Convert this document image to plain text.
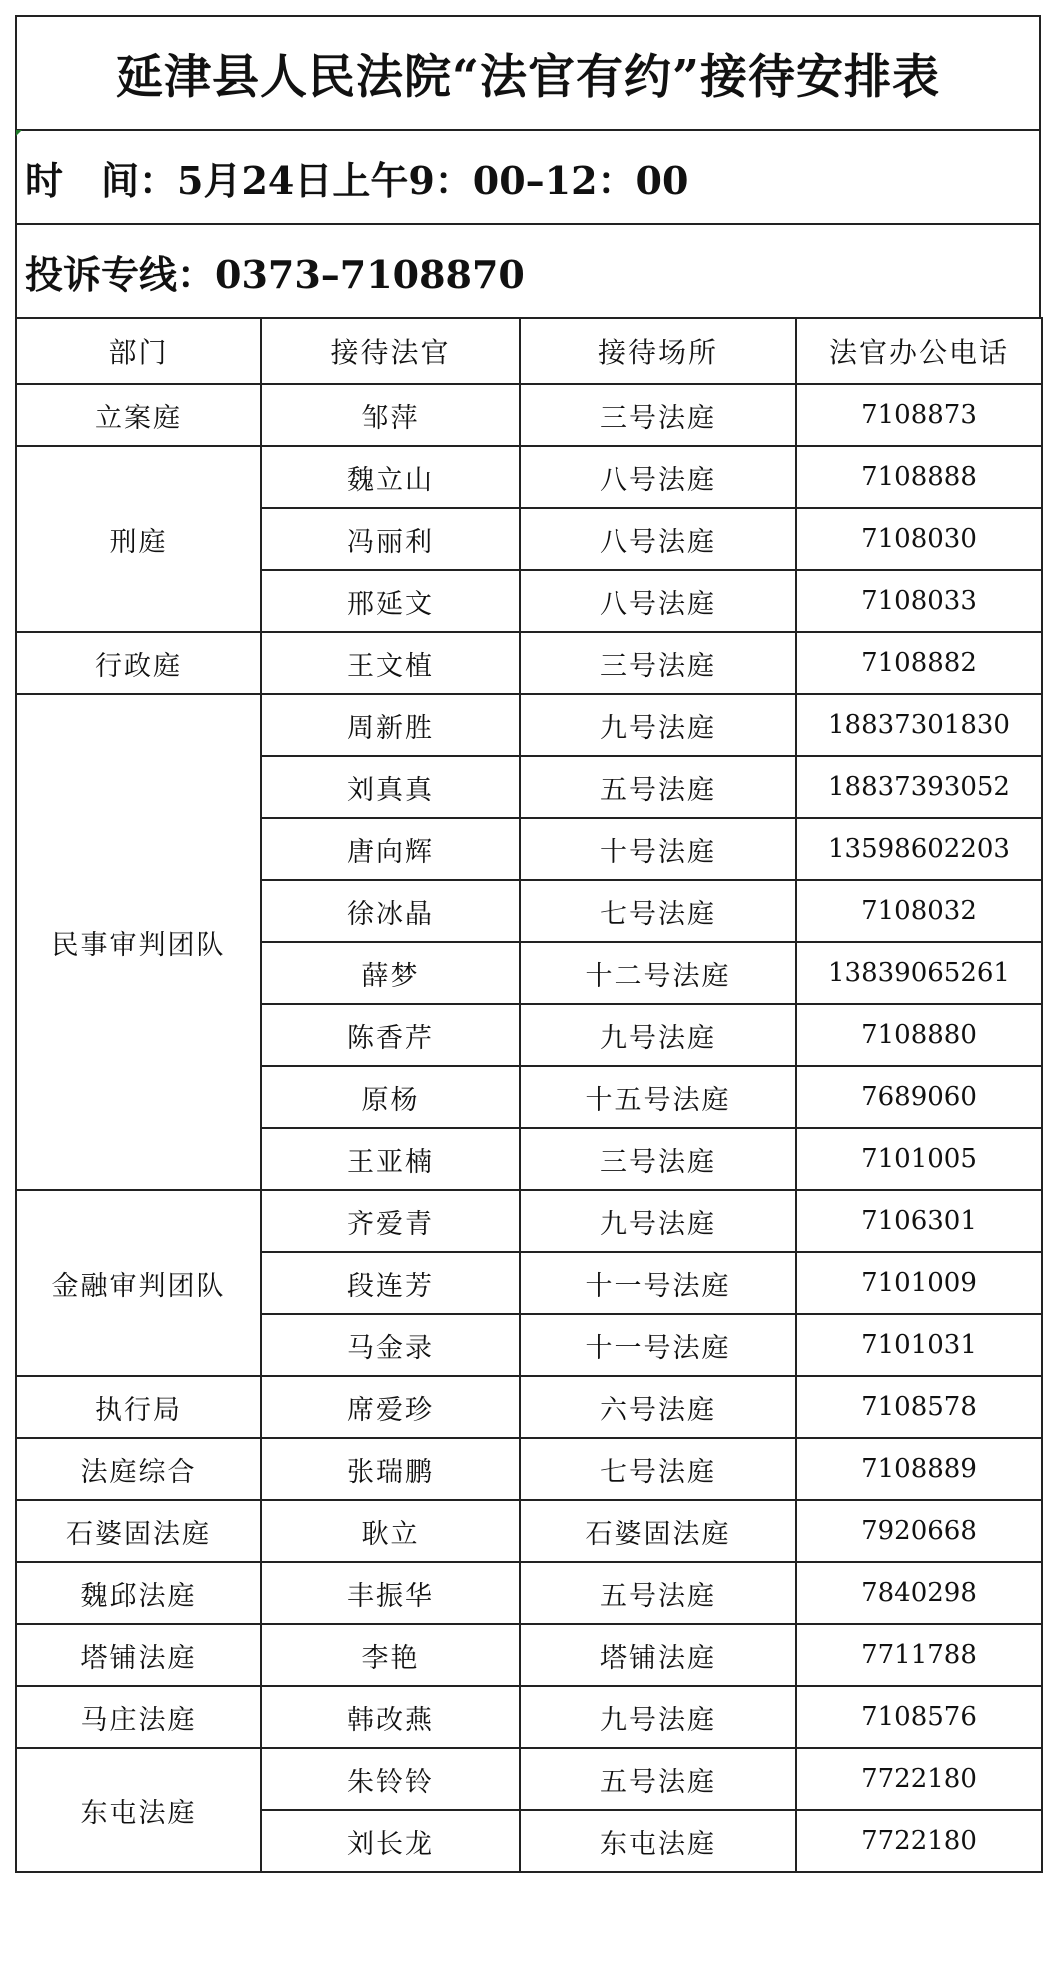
延津县人民法院“法官有约”接待安排表
时　间：5月24日上午9：00–12：00
投诉专线：0373–7108870
部门	接待法官	接待场所	法官办公电话
立案庭	邹萍	三号法庭	7108873
刑庭	魏立山	八号法庭	7108888
	冯丽利	八号法庭	7108030
	邢延文	八号法庭	7108033
行政庭	王文植	三号法庭	7108882
民事审判团队	周新胜	九号法庭	18837301830
	刘真真	五号法庭	18837393052
	唐向辉	十号法庭	13598602203
	徐冰晶	七号法庭	7108032
	薛梦	十二号法庭	13839065261
	陈香芹	九号法庭	7108880
	原杨	十五号法庭	7689060
	王亚楠	三号法庭	7101005
金融审判团队	齐爱青	九号法庭	7106301
	段连芳	十一号法庭	7101009
	马金录	十一号法庭	7101031
执行局	席爱珍	六号法庭	7108578
法庭综合	张瑞鹏	七号法庭	7108889
石婆固法庭	耿立	石婆固法庭	7920668
魏邱法庭	丰振华	五号法庭	7840298
塔铺法庭	李艳	塔铺法庭	7711788
马庄法庭	韩改燕	九号法庭	7108576
东屯法庭	朱铃铃	五号法庭	7722180
	刘长龙	东屯法庭	7722180
